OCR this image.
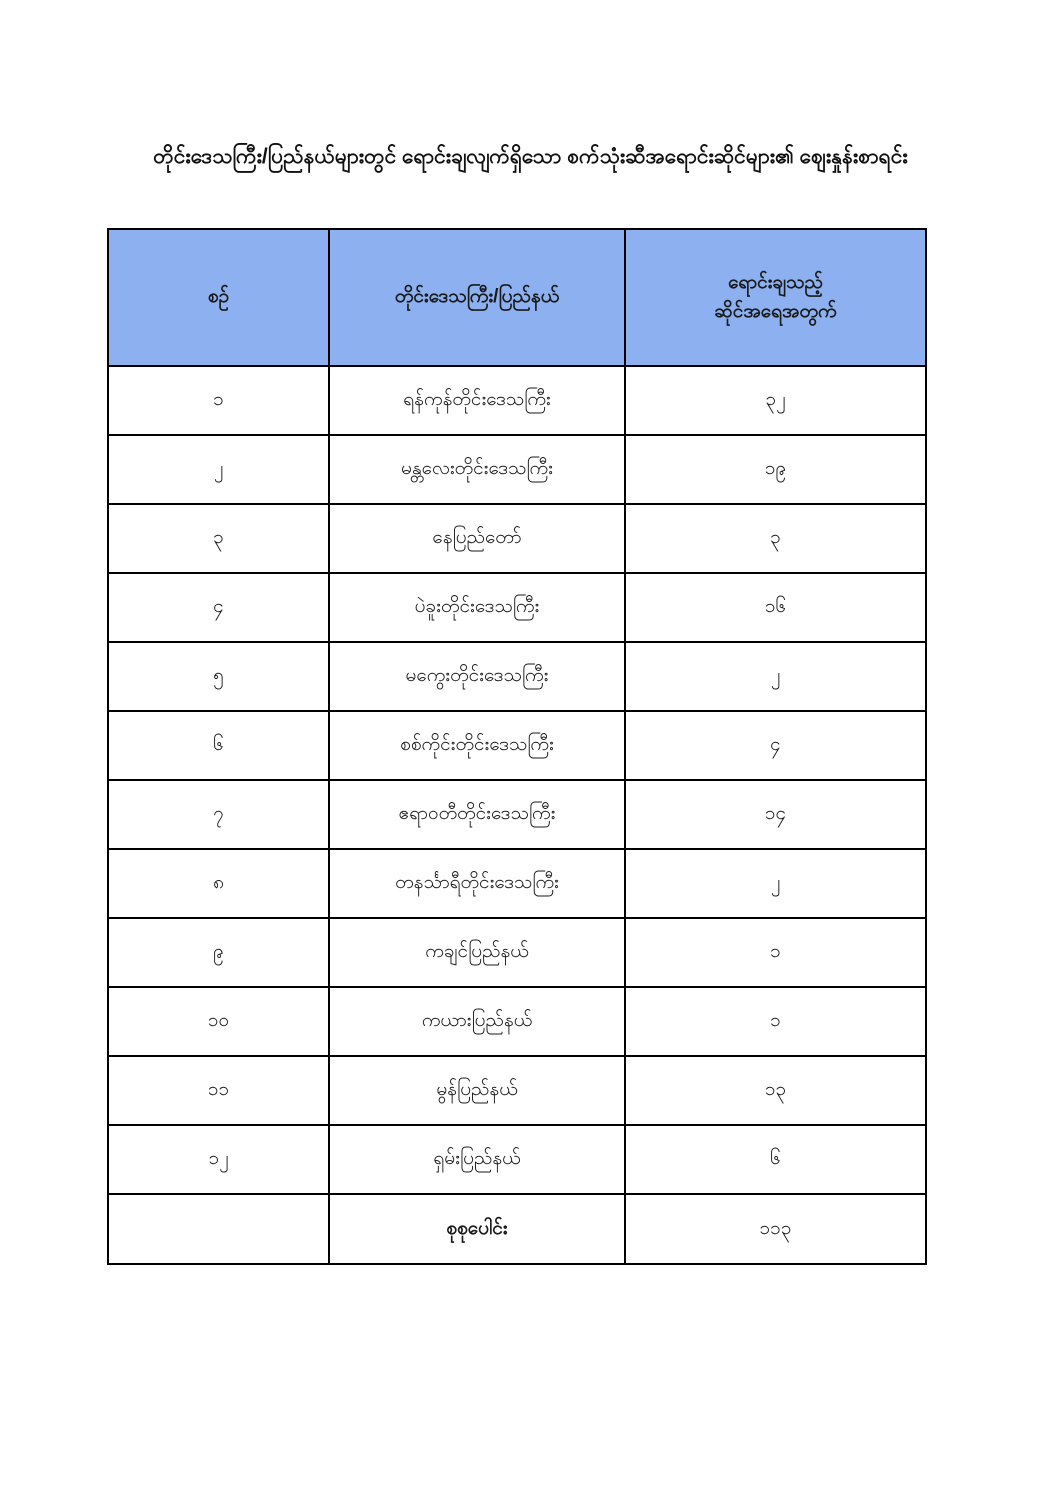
တိုင်းဒေသကြီး/ပြည်နယ်များတွင် ရောင်းချလျက်ရှိသော စက်သုံးဆီအရောင်းဆိုင်များ၏ ဈေးနှုန်းစာရင်း
စဉ်	တိုင်းဒေသကြီး/ပြည်နယ်	ရောင်းချသည့်
ဆိုင်အရေအတွက်
၁	ရန်ကုန်တိုင်းဒေသကြီး	၃၂
၂	မန္တလေးတိုင်းဒေသကြီး	၁၉
၃	နေပြည်တော်	၃
၄	ပဲခူးတိုင်းဒေသကြီး	၁၆
၅	မကွေးတိုင်းဒေသကြီး	၂
၆	စစ်ကိုင်းတိုင်းဒေသကြီး	၄
၇	ဧရာဝတီတိုင်းဒေသကြီး	၁၄
၈	တနင်္သာရီတိုင်းဒေသကြီး	၂
၉	ကချင်ပြည်နယ်	၁
၁၀	ကယားပြည်နယ်	၁
၁၁	မွန်ပြည်နယ်	၁၃
၁၂	ရှမ်းပြည်နယ်	၆
	စုစုပေါင်း	၁၁၃
